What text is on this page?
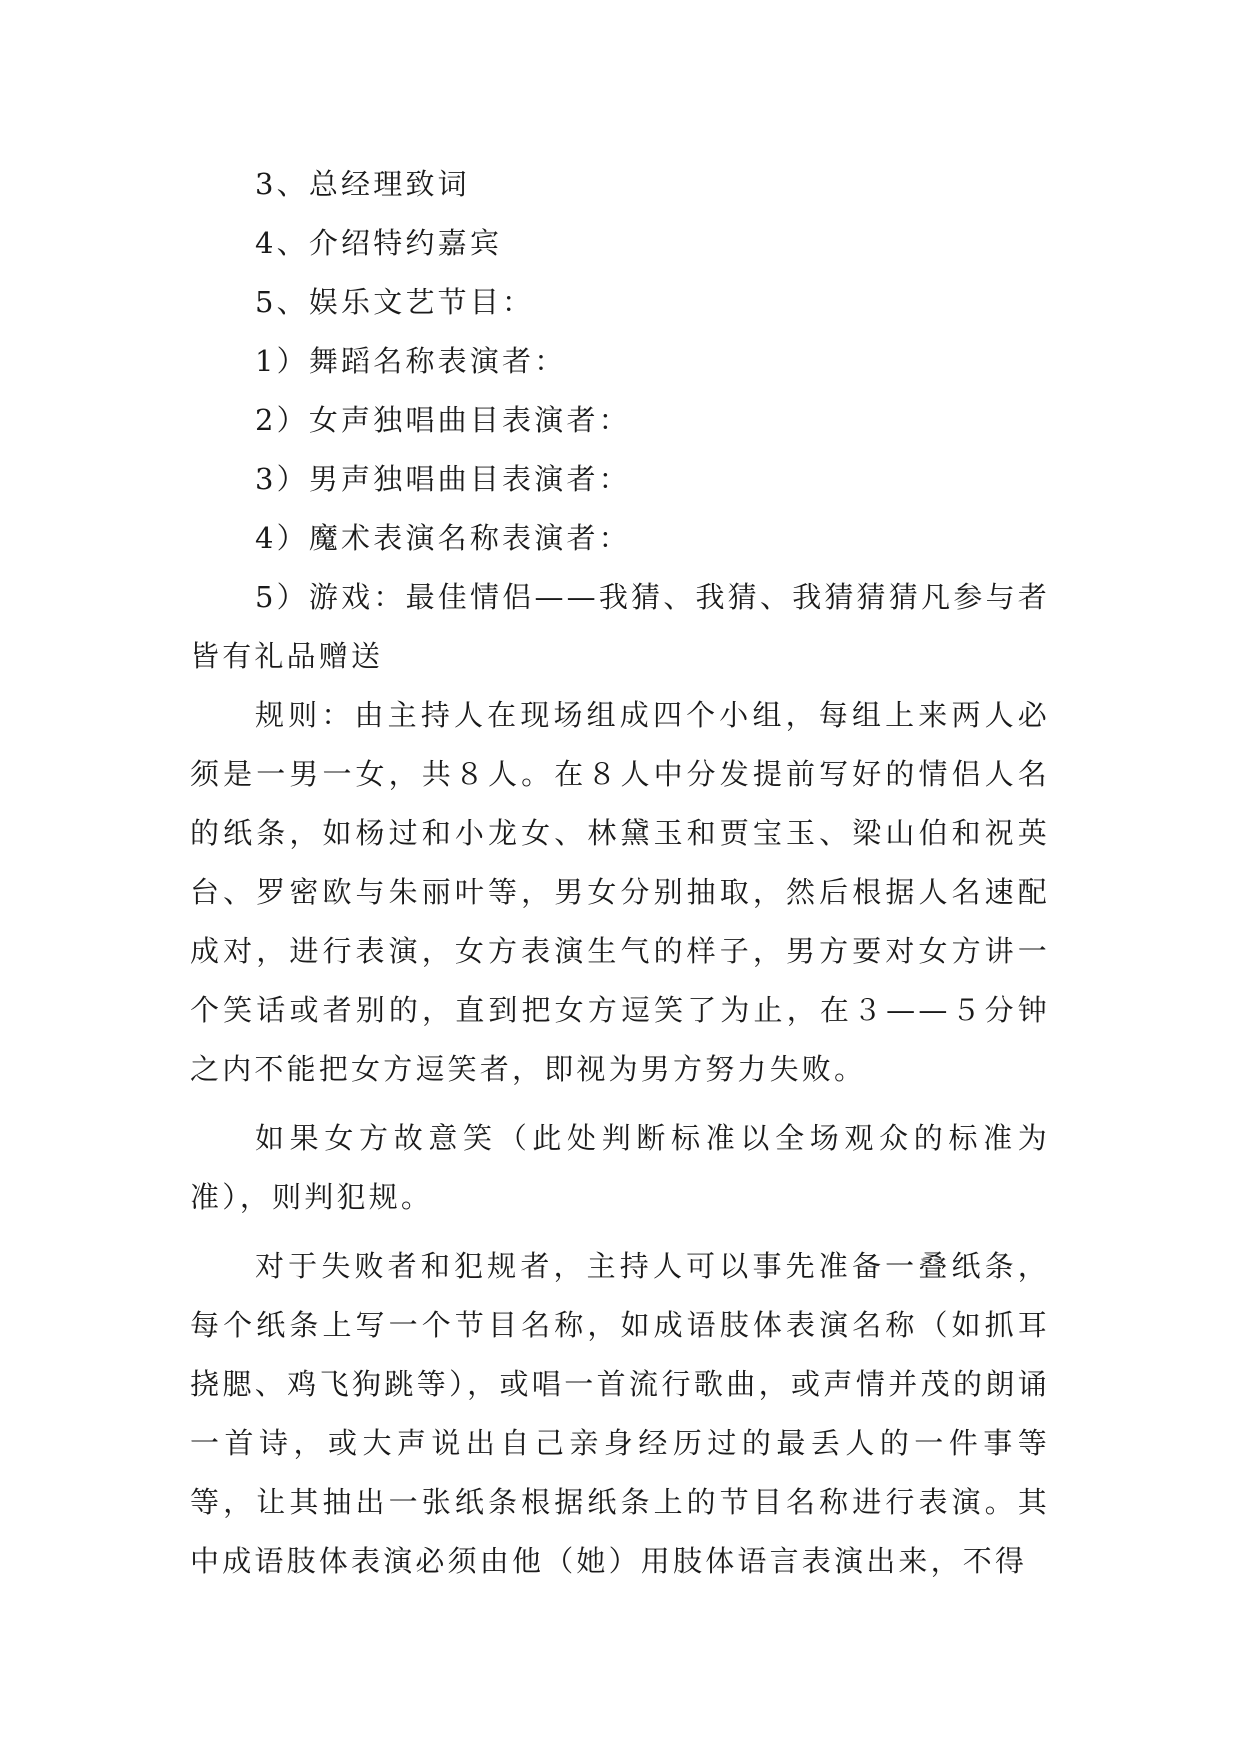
3、总经理致词

4、介绍特约嘉宾

5、娱乐文艺节目：

1）舞蹈名称表演者：

2）女声独唱曲目表演者：

3）男声独唱曲目表演者：

4）魔术表演名称表演者：

5）游戏：最佳情侣——我猜、我猜、我猜猜猜凡参与者皆有礼品赠送

规则：由主持人在现场组成四个小组，每组上来两人必须是一男一女，共８人。在８人中分发提前写好的情侣人名的纸条，如杨过和小龙女、林黛玉和贾宝玉、梁山伯和祝英台、罗密欧与朱丽叶等，男女分别抽取，然后根据人名速配成对，进行表演，女方表演生气的样子，男方要对女方讲一个笑话或者别的，直到把女方逗笑了为止，在３——５分钟之内不能把女方逗笑者，即视为男方努力失败。

如果女方故意笑（此处判断标准以全场观众的标准为准），则判犯规。

对于失败者和犯规者，主持人可以事先准备一叠纸条，每个纸条上写一个节目名称，如成语肢体表演名称（如抓耳挠腮、鸡飞狗跳等），或唱一首流行歌曲，或声情并茂的朗诵一首诗，或大声说出自己亲身经历过的最丢人的一件事等等，让其抽出一张纸条根据纸条上的节目名称进行表演。其中成语肢体表演必须由他（她）用肢体语言表演出来，不得
